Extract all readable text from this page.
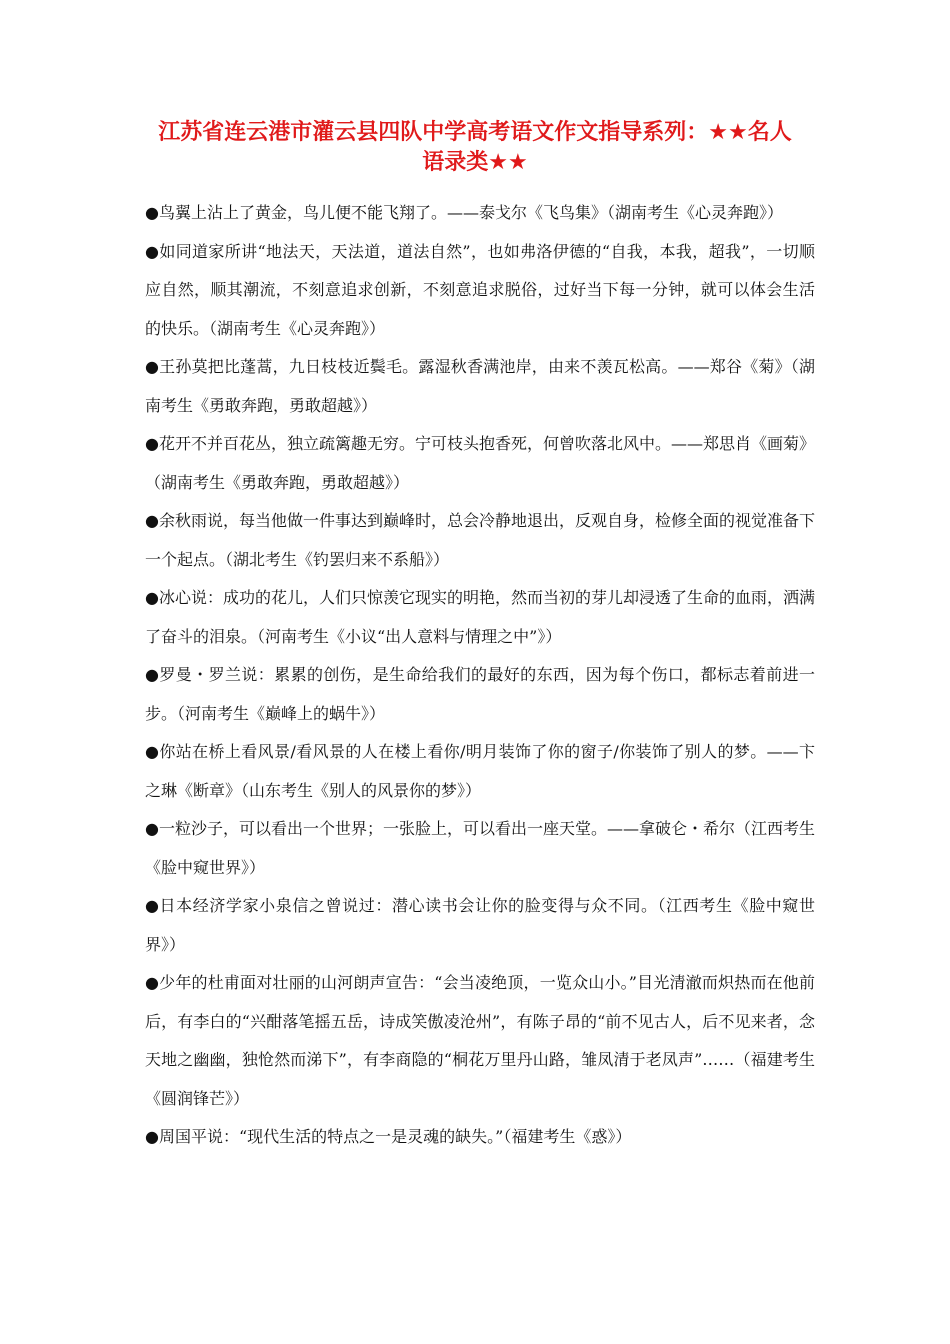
江苏省连云港市灌云县四队中学高考语文作文指导系列：★★名人
语录类★★

●鸟翼上沾上了黄金，鸟儿便不能飞翔了。——泰戈尔《飞鸟集》（湖南考生《心灵奔跑》）

●如同道家所讲“地法天，天法道，道法自然”，也如弗洛伊德的“自我，本我，超我”，一切顺应自然，顺其潮流，不刻意追求创新，不刻意追求脱俗，过好当下每一分钟，就可以体会生活的快乐。（湖南考生《心灵奔跑》）

●王孙莫把比蓬蒿，九日枝枝近鬓毛。露湿秋香满池岸，由来不羡瓦松高。——郑谷《菊》（湖南考生《勇敢奔跑，勇敢超越》）

●花开不并百花丛，独立疏篱趣无穷。宁可枝头抱香死，何曾吹落北风中。——郑思肖《画菊》（湖南考生《勇敢奔跑，勇敢超越》）

●余秋雨说，每当他做一件事达到巅峰时，总会冷静地退出，反观自身，检修全面的视觉准备下一个起点。（湖北考生《钓罢归来不系船》）

●冰心说：成功的花儿，人们只惊羡它现实的明艳，然而当初的芽儿却浸透了生命的血雨，洒满了奋斗的泪泉。（河南考生《小议“出人意料与情理之中”》）

●罗曼・罗兰说：累累的创伤，是生命给我们的最好的东西，因为每个伤口，都标志着前进一步。（河南考生《巅峰上的蜗牛》）

●你站在桥上看风景/看风景的人在楼上看你/明月装饰了你的窗子/你装饰了别人的梦。——卞之琳《断章》（山东考生《别人的风景你的梦》）

●一粒沙子，可以看出一个世界；一张脸上，可以看出一座天堂。——拿破仑・希尔（江西考生《脸中窥世界》）

●日本经济学家小泉信之曾说过：潜心读书会让你的脸变得与众不同。（江西考生《脸中窥世界》）

●少年的杜甫面对壮丽的山河朗声宣告：“会当凌绝顶，一览众山小。”目光清澈而炽热而在他前后，有李白的“兴酣落笔摇五岳，诗成笑傲凌沧州”，有陈子昂的“前不见古人，后不见来者，念天地之幽幽，独怆然而涕下”，有李商隐的“桐花万里丹山路，雏凤清于老凤声”……（福建考生《圆润锋芒》）

●周国平说：“现代生活的特点之一是灵魂的缺失。”（福建考生《惑》）
